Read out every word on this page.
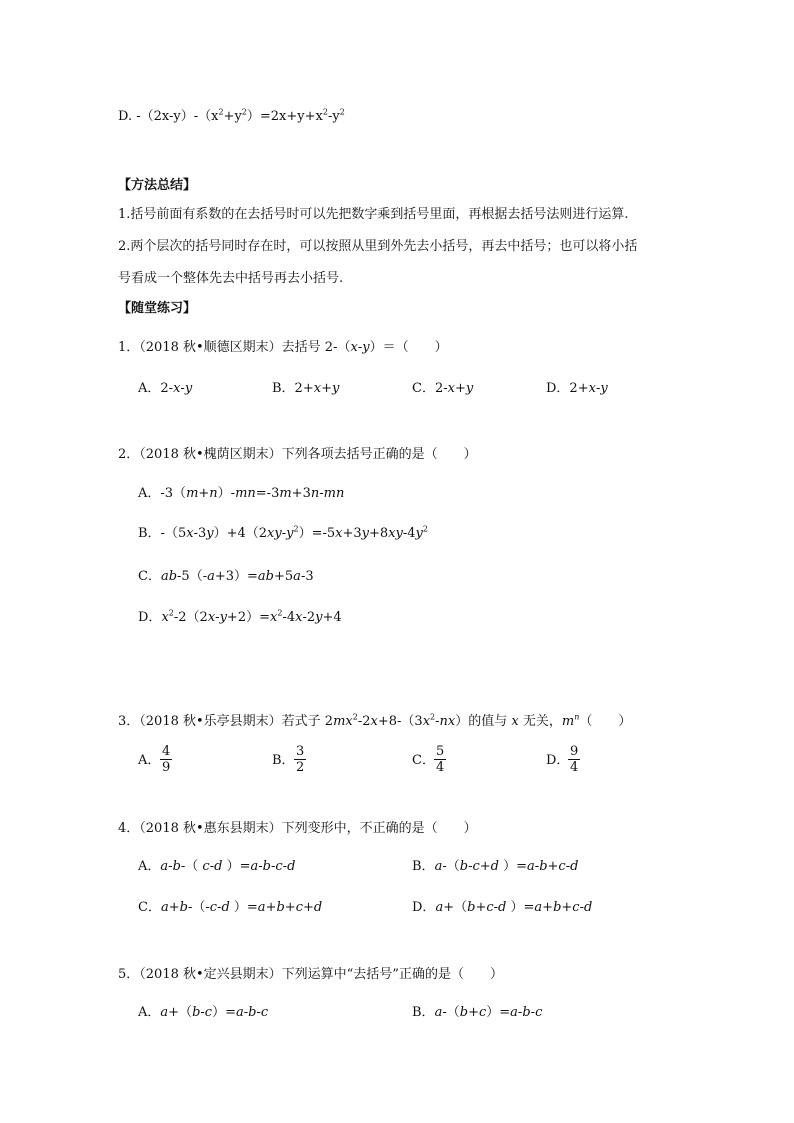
D. $-(2x-y)-(x^2+y^2)=2x+y+x^2-y^2$
【方法总结】
1.括号前面有系数的在去括号时可以先把数字乘到括号里面，再根据去括号法则进行运算.
2.两个层次的括号同时存在时，可以按照从里到外先去小括号，再去中括号；也可以将小括
号看成一个整体先去中括号再去小括号.
【随堂练习】
1．（2018 秋•顺德区期末）去括号 2-（x-y）＝（　　）
A．2-x-y	B．2+x+y	C．2-x+y	D．2+x-y
2．（2018 秋•槐荫区期末）下列各项去括号正确的是（　　）
A．-3（m+n）-mn=-3m+3n-mn
B．$-(5x-3y)+4(2xy-y^2)=-5x+3y+8xy-4y^2$
C．ab-5（-a+3）=ab+5a-3
D．$x^2-2(2x-y+2)=x^2-4x-2y+4$
3．（2018 秋•乐亭县期末）若式子 $2mx^2-2x+8-(3x^2-nx)$的值与 x 无关，$m^n$（　　）
A． $\frac{4}{9}$	B． $\frac{3}{2}$	C． $\frac{5}{4}$	D．
$\frac{9}{4}$
4．（2018 秋•惠东县期末）下列变形中，不正确的是（　　）
A．a-b-（ c-d ）=a-b-c-d	B．a-（b-c+d ）=a-b+c-d
C．a+b-（-c-d ）=a+b+c+d	D．a+（b+c-d ）=a+b+c-d
5．（2018 秋•定兴县期末）下列运算中“去括号”正确的是（　　）
A．a+（b-c）=a-b-c	B．a-（b+c）=a-b-c
